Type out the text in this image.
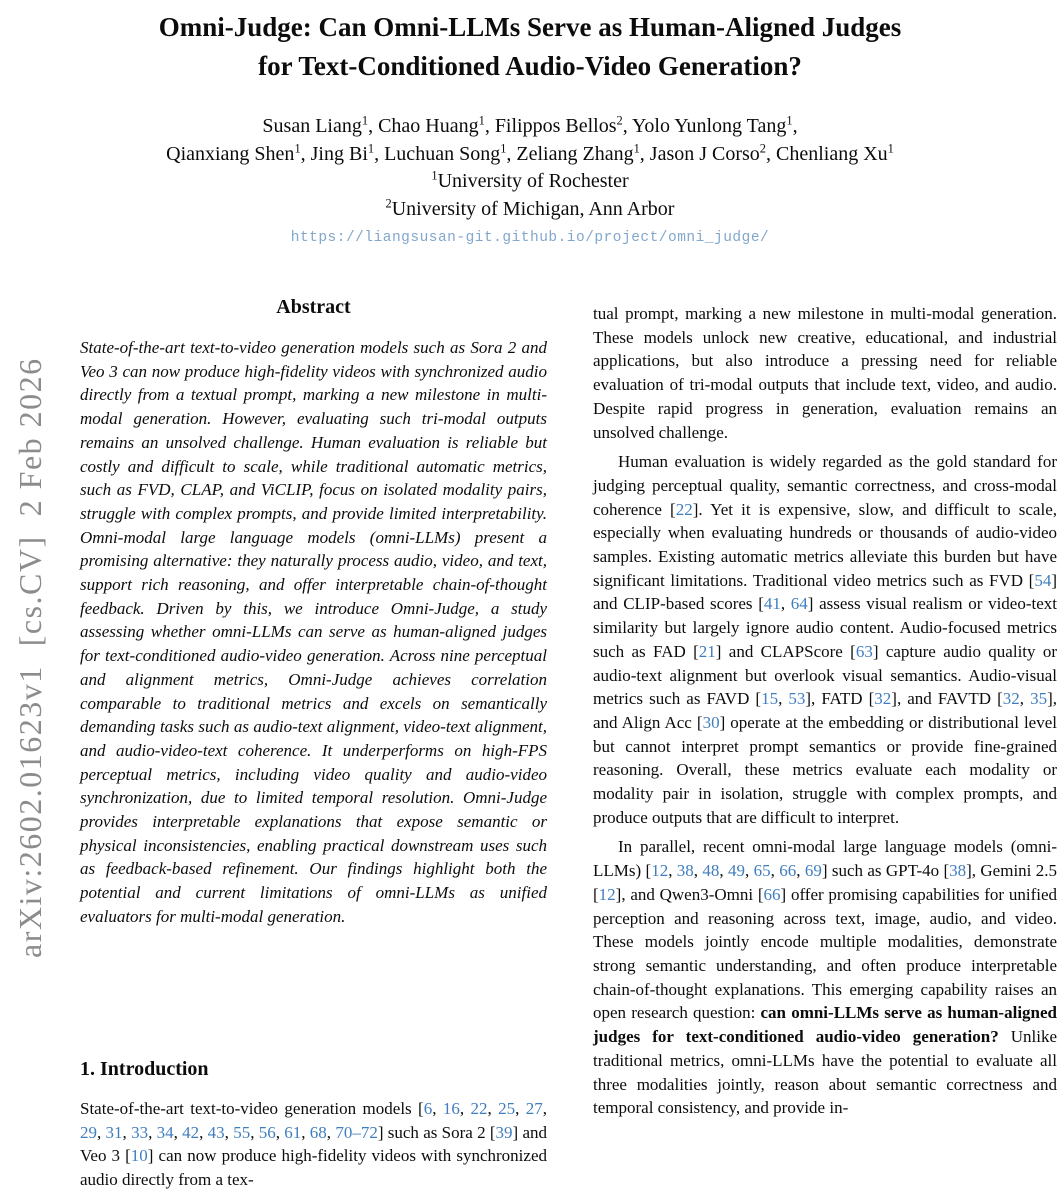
arXiv:2602.01623v1  [cs.CV]  2 Feb 2026
Omni-Judge: Can Omni-LLMs Serve as Human-Aligned Judges
for Text-Conditioned Audio-Video Generation?
Susan Liang$^1$, Chao Huang$^1$, Filippos Bellos$^2$, Yolo Yunlong Tang$^1$,
Qianxiang Shen$^1$, Jing Bi$^1$, Luchuan Song$^1$, Zeliang Zhang$^1$, Jason J Corso$^2$, Chenliang Xu$^1$
$^1$University of Rochester
$^2$University of Michigan, Ann Arbor
https://liangsusan-git.github.io/project/omni_judge/
Abstract

State-of-the-art text-to-video generation models such as Sora 2 and Veo 3 can now produce high-fidelity videos with synchronized audio directly from a textual prompt, marking a new milestone in multi-modal generation. However, evaluating such tri-modal outputs remains an unsolved challenge. Human evaluation is reliable but costly and difficult to scale, while traditional automatic metrics, such as FVD, CLAP, and ViCLIP, focus on isolated modality pairs, struggle with complex prompts, and provide limited interpretability. Omni-modal large language models (omni-LLMs) present a promising alternative: they naturally process audio, video, and text, support rich reasoning, and offer interpretable chain-of-thought feedback. Driven by this, we introduce Omni-Judge, a study assessing whether omni-LLMs can serve as human-aligned judges for text-conditioned audio-video generation. Across nine perceptual and alignment metrics, Omni-Judge achieves correlation comparable to traditional metrics and excels on semantically demanding tasks such as audio-text alignment, video-text alignment, and audio-video-text coherence. It underperforms on high-FPS perceptual metrics, including video quality and audio-video synchronization, due to limited temporal resolution. Omni-Judge provides interpretable explanations that expose semantic or physical inconsistencies, enabling practical downstream uses such as feedback-based refinement. Our findings highlight both the potential and current limitations of omni-LLMs as unified evaluators for multi-modal generation.

1. Introduction

State-of-the-art text-to-video generation models [6, 16, 22, 25, 27, 29, 31, 33, 34, 42, 43, 55, 56, 61, 68, 70–72] such as Sora 2 [39] and Veo 3 [10] can now produce high-fidelity videos with synchronized audio directly from a tex-

tual prompt, marking a new milestone in multi-modal generation. These models unlock new creative, educational, and industrial applications, but also introduce a pressing need for reliable evaluation of tri-modal outputs that include text, video, and audio. Despite rapid progress in generation, evaluation remains an unsolved challenge.

Human evaluation is widely regarded as the gold standard for judging perceptual quality, semantic correctness, and cross-modal coherence [22]. Yet it is expensive, slow, and difficult to scale, especially when evaluating hundreds or thousands of audio-video samples. Existing automatic metrics alleviate this burden but have significant limitations. Traditional video metrics such as FVD [54] and CLIP-based scores [41, 64] assess visual realism or video-text similarity but largely ignore audio content. Audio-focused metrics such as FAD [21] and CLAPScore [63] capture audio quality or audio-text alignment but overlook visual semantics. Audio-visual metrics such as FAVD [15, 53], FATD [32], and FAVTD [32, 35], and Align Acc [30] operate at the embedding or distributional level but cannot interpret prompt semantics or provide fine-grained reasoning. Overall, these metrics evaluate each modality or modality pair in isolation, struggle with complex prompts, and produce outputs that are difficult to interpret.

In parallel, recent omni-modal large language models (omni-LLMs) [12, 38, 48, 49, 65, 66, 69] such as GPT-4o [38], Gemini 2.5 [12], and Qwen3-Omni [66] offer promising capabilities for unified perception and reasoning across text, image, audio, and video. These models jointly encode multiple modalities, demonstrate strong semantic understanding, and often produce interpretable chain-of-thought explanations. This emerging capability raises an open research question: can omni-LLMs serve as human-aligned judges for text-conditioned audio-video generation? Unlike traditional metrics, omni-LLMs have the potential to evaluate all three modalities jointly, reason about semantic correctness and temporal consistency, and provide in-
